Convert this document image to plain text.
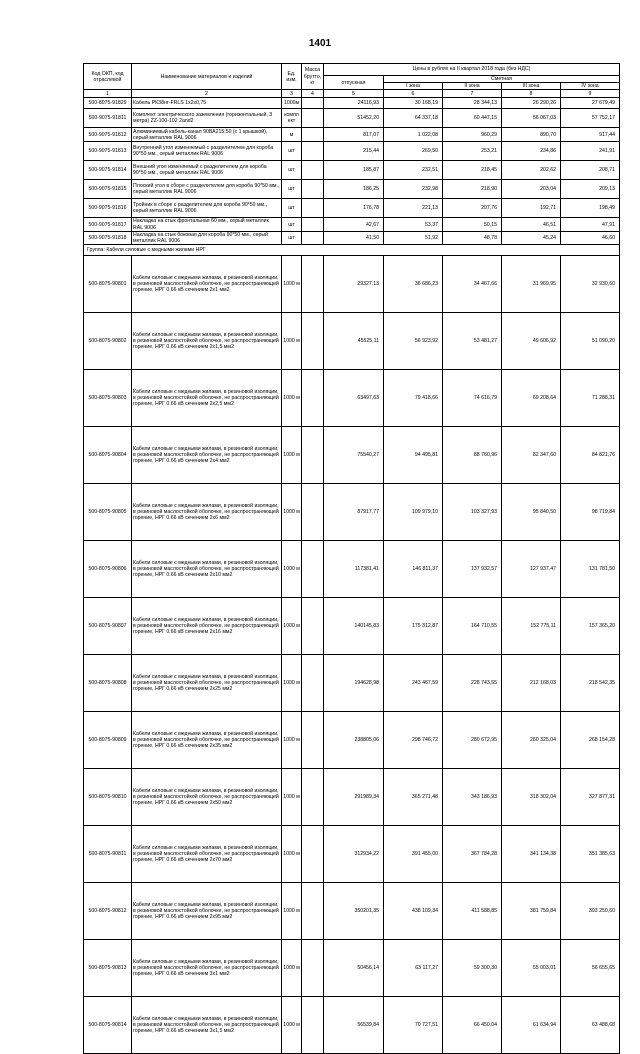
1401
Код ОКП, код отраслевой	Наименование материалов и изделий	Ед. изм.	Масса брутто, кг	Цены в рублях на II квартал 2018 года (без НДС)				
				отпускная	Сметная			
					I зона	II зона	III зона	IV зона
1	2	3	4	5	6	7	8	9
500-8075-91829	Кабель РК38нг-FRLS 1х2х0,75	1000м		24116,93	30 168,19	28 344,13	26 290,26	27 679,49
500-9075-91811	Комплект электрического заземления (горизонтальный, 3 метра) ZZ-100-102 2and2	компл ект		51452,20	64 337,18	60 447,15	56 067,03	57 752,17
500-9075-91812	Алюминиевый кабель-канал 90ВА215;50 (с 1 крышкой), серый металлик RAL 9006	м		817,07	1 022,08	960,29	890,70	917,44
500-9075-91813	Внутренний угол изменяемый с разделителем для короба 90*50 мм., серый металлик RAL 9006	шт		215,44	269,50	253,21	234,86	241,91
500-9075-91814	Внешний угол изменяемый с разделителем для короба 90*50 мм., серый металлик RAL 9006	шт		185,87	232,51	218,45	202,62	208,71
500-9075-91815	Плоский угол в сборе с разделителем для короба 90*50 мм., серый металлик RAL 9006	шт		186,25	232,98	218,90	203,04	209,13
500-9075-91816	Тройник в сборе с разделителем для короба 90*50 мм., серый металлик RAL 9006	шт		176,78	221,13	207,76	192,71	198,49
500-9075-91817	Накладка на стык фронтальная 60 мм., серый металлик RAL 9006	шт		42,67	53,37	50,15	46,51	47,91
500-9075-91818	Накладка на стык боковая для короба 90*50 мм., серый металлик RAL 9006	шт		41,50	51,92	48,78	45,24	46,60
Группа: Кабели силовые с медными жилами НРГ								
500-8075-90801	Кабели силовые с медными жилами, в резиновой изоляции, в резиновой маслостойкой оболочке, не распространяющей горение, НРГ 0.66 кВ сечением 2х1 мм2	1000 м		29327,13	36 686,23	34 467,66	31 969,95	32 930,60
500-8075-90802	Кабели силовые с медными жилами, в резиновой изоляции, в резиновой маслостойкой оболочке, не распространяющей горение, НРГ 0.66 кВ сечением 2х1,5 мм2	1000 м		45525,11	56 923,92	53 481,27	49 606,92	51 090,20
500-8075-90803	Кабели силовые с медными жилами, в резиновой изоляции, в резиновой маслостойкой оболочке, не распространяющей горение, НРГ 0.66 кВ сечением 2х2,5 мм2	1000 м		63497,63	79 418,66	74 616,79	69 208,64	71 288,31
500-8075-90804	Кабели силовые с медными жилами, в резиновой изоляции, в резиновой маслостойкой оболочке, не распространяющей горение, НРГ 0.66 кВ сечением 2х4 мм2	1000 м		75540,27	94 495,81	88 760,96	82 347,60	84 821,76
500-8075-90805	Кабели силовые с медными жилами, в резиновой изоляции, в резиновой маслостойкой оболочке, не распространяющей горение, НРГ 0.66 кВ сечением 2х6 мм2	1000 м		87917,77	109 979,10	103 327,93	95 840,50	98 719,84
500-8075-90806	Кабели силовые с медными жилами, в резиновой изоляции, в резиновой маслостойкой оболочке, не распространяющей горение, НРГ 0.66 кВ сечением 2х10 мм2	1000 м		117381,41	146 811,37	137 932,57	127 937,47	131 781,50
500-8075-90807	Кабели силовые с медными жилами, в резиновой изоляции, в резиновой маслостойкой оболочке, не распространяющей горение, НРГ 0.66 кВ сечением 2х16 мм2	1000 м		140145,83	175 312,87	164 710,55	152 775,11	157 365,20
500-8075-90808	Кабели силовые с медными жилами, в резиновой изоляции, в резиновой маслостойкой оболочке, не распространяющей горение, НРГ 0.66 кВ сечением 2х25 мм2	1000 м		194628,98	243 467,59	228 743,55	212 168,03	218 542,35
500-8075-90809	Кабели силовые с медными жилами, в резиновой изоляции, в резиновой маслостойкой оболочке, не распространяющей горение, НРГ 0.66 кВ сечением 2х35 мм2	1000 м		238805,06	298 746,72	280 672,95	260 325,04	268 154,28
500-8075-90810	Кабели силовые с медными жилами, в резиновой изоляции, в резиновой маслостойкой оболочке, не распространяющей горение, НРГ 0.66 кВ сечением 2х50 мм2	1000 м		291989,34	365 271,48	343 186,93	318 302,04	327 877,31
500-8075-90811	Кабели силовые с медными жилами, в резиновой изоляции, в резиновой маслостойкой оболочке, не распространяющей горение, НРГ 0.66 кВ сечением 2х70 мм2	1000 м		312934,22	391 455,00	367 784,28	341 134,38	351 385,63
500-8075-90812	Кабели силовые с медными жилами, в резиновой изоляции, в резиновой маслостойкой оболочке, не распространяющей горение, НРГ 0.66 кВ сечением 2х95 мм2	1000 м		350201,35	438 109,34	411 588,85	381 759,84	393 250,60
500-8075-90813	Кабели силовые с медными жилами, в резиновой изоляции, в резиновой маслостойкой оболочке, не распространяющей горение, НРГ 0.66 кВ сечением 3х1 мм2	1000 м		50456,14	63 117,27	59 300,30	55 003,01	56 655,65
500-8075-90814	Кабели силовые с медными жилами, в резиновой изоляции, в резиновой маслостойкой оболочке, не распространяющей горение, НРГ 0.66 кВ сечением 3х1,5 мм2	1000 м		56539,84	70 727,51	66 450,04	61 634,94	63 488,68
